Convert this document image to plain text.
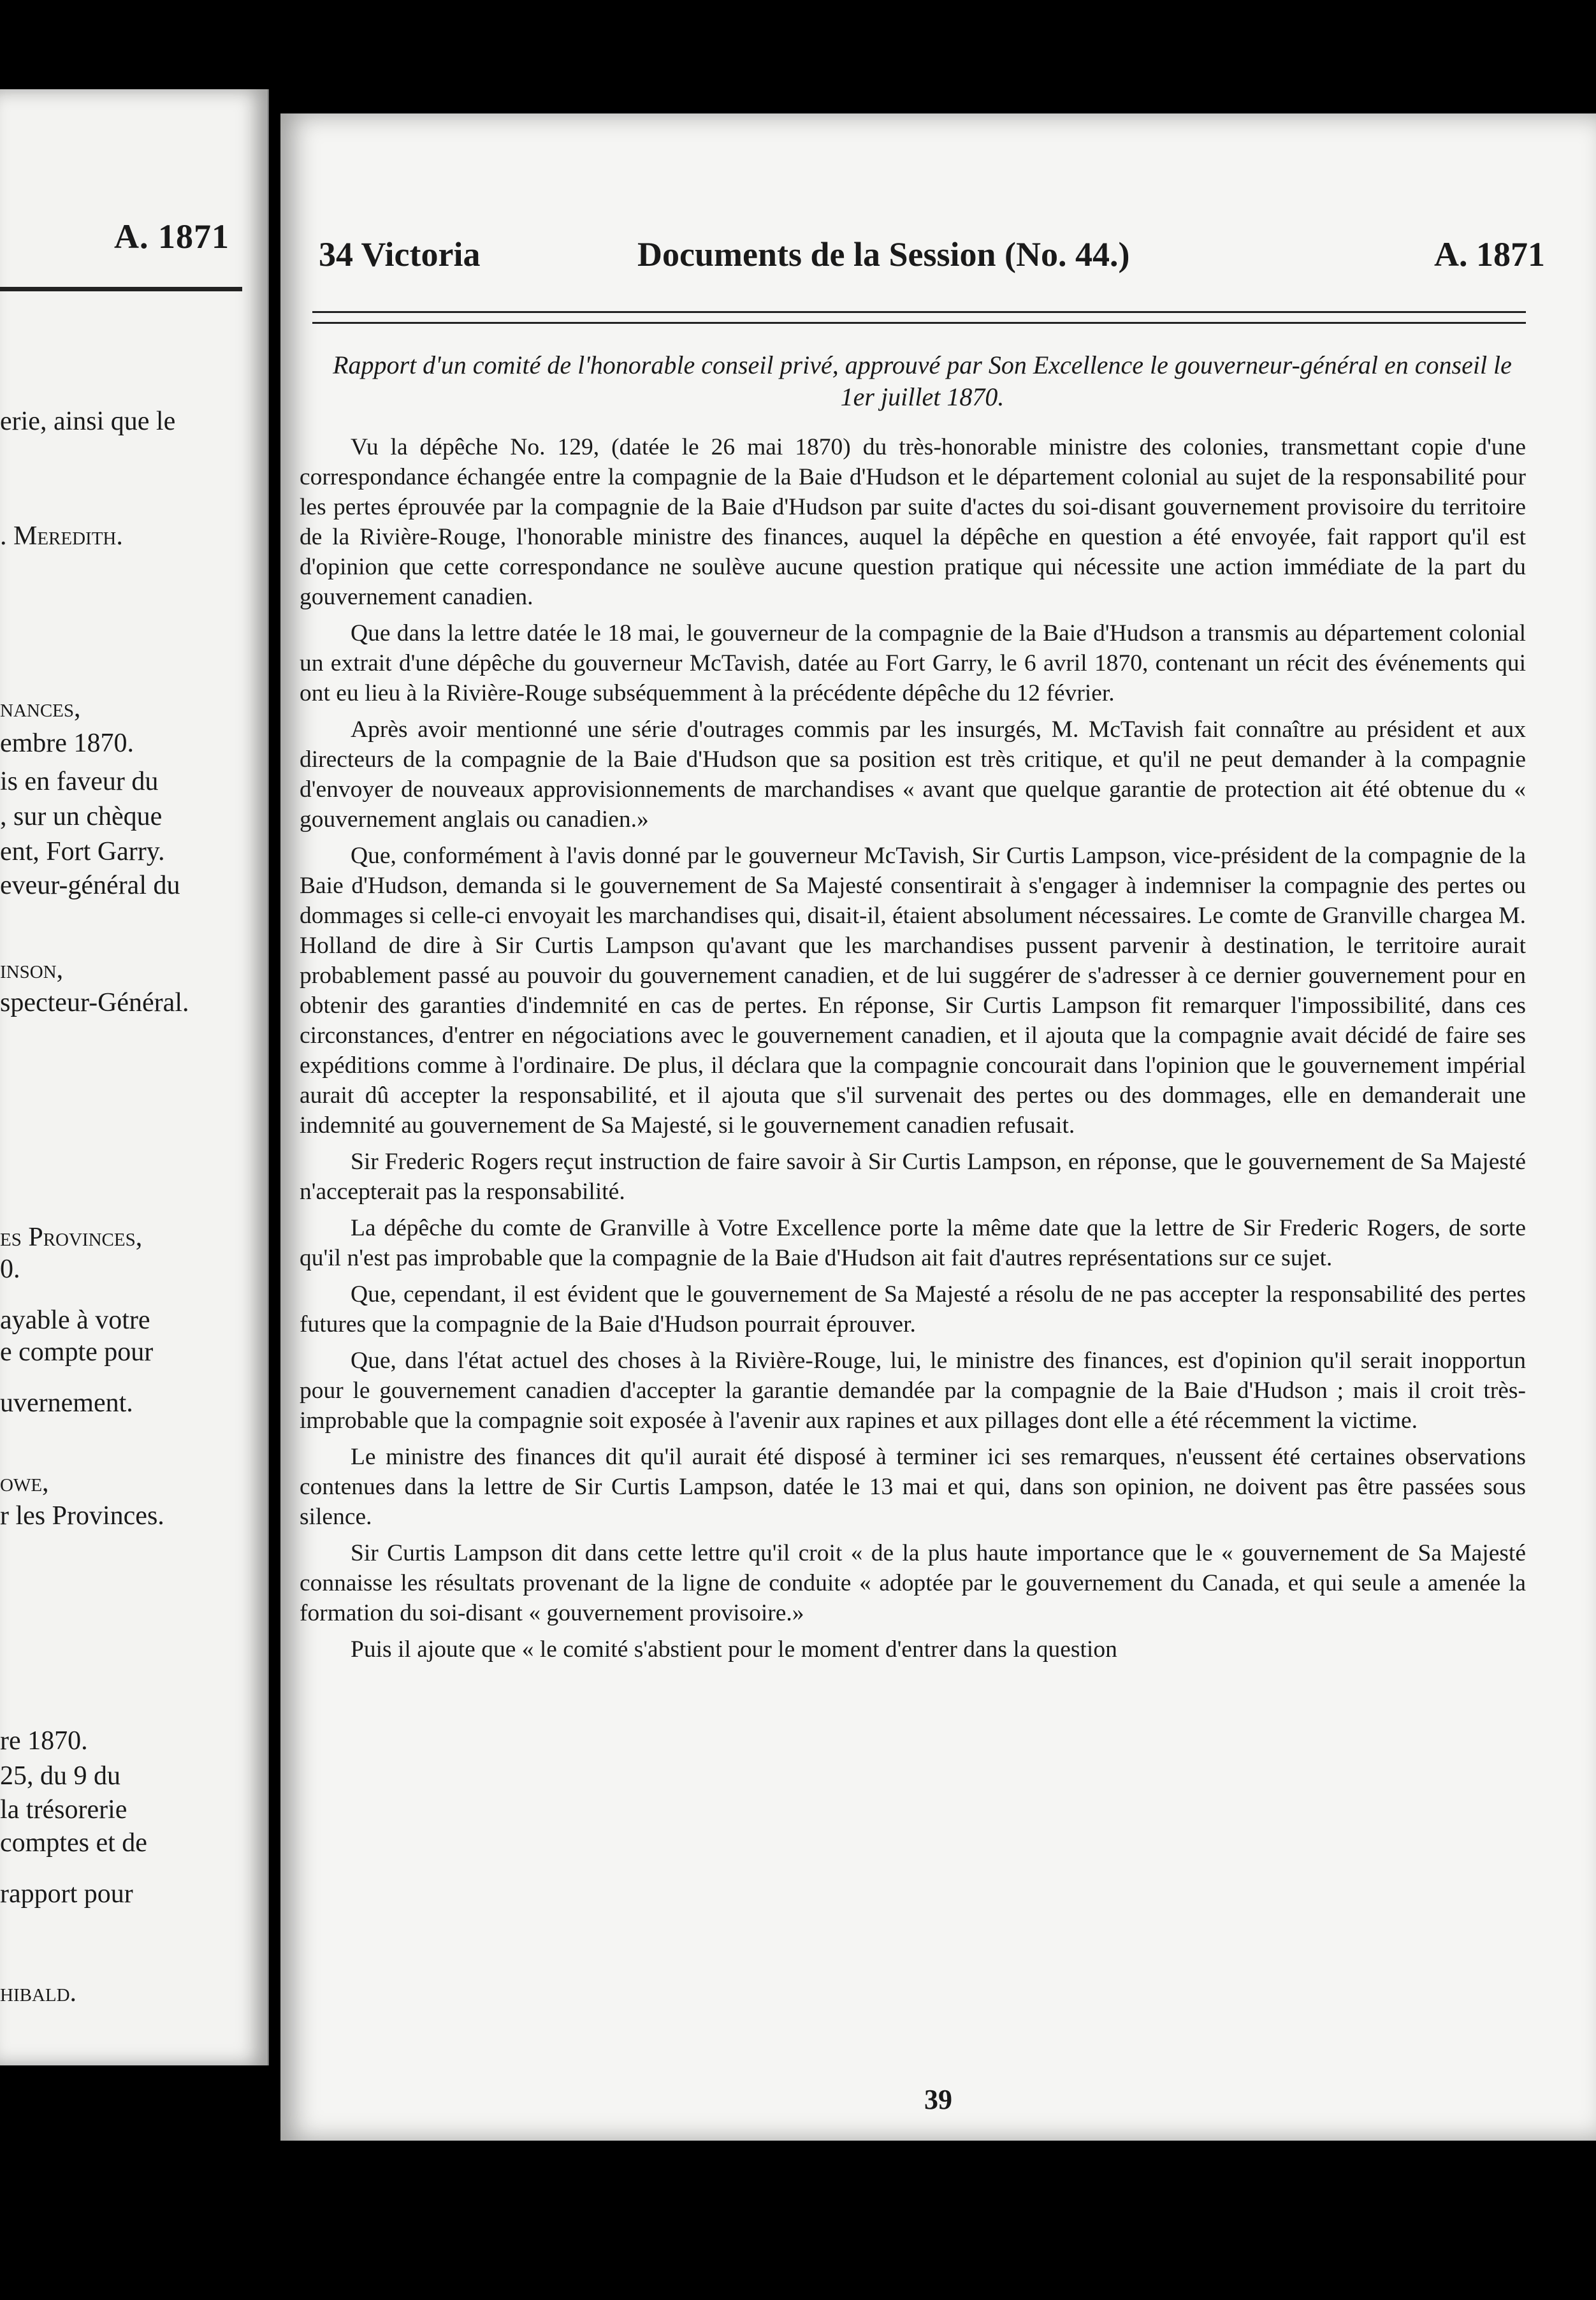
A. 1871
erie, ainsi que le
. Meredith.
nances,
embre 1870.
is en faveur du
, sur un chèque
ent, Fort Garry.
eveur-général du
inson,
specteur-Général.
es Provinces,
0.
ayable à votre
e compte pour
uvernement.
owe,
r les Provinces.
re 1870.
25, du 9 du
la trésorerie
comptes et de
rapport pour
hibald.
34 Victoria	Documents de la Session (No. 44.)	A. 1871
Rapport d'un comité de l'honorable conseil privé, approuvé par Son Excellence le gouverneur-général en conseil le 1er juillet 1870.

Vu la dépêche No. 129, (datée le 26 mai 1870) du très-honorable ministre des colonies, transmettant copie d'une correspondance échangée entre la compagnie de la Baie d'Hudson et le département colonial au sujet de la responsabilité pour les pertes éprouvée par la compagnie de la Baie d'Hudson par suite d'actes du soi-disant gouvernement provisoire du territoire de la Rivière-Rouge, l'honorable ministre des finances, auquel la dépêche en question a été envoyée, fait rapport qu'il est d'opinion que cette correspondance ne soulève aucune question pratique qui nécessite une action immédiate de la part du gouvernement canadien.

Que dans la lettre datée le 18 mai, le gouverneur de la compagnie de la Baie d'Hudson a transmis au département colonial un extrait d'une dépêche du gouverneur McTavish, datée au Fort Garry, le 6 avril 1870, contenant un récit des événements qui ont eu lieu à la Rivière-Rouge subséquemment à la précédente dépêche du 12 février.

Après avoir mentionné une série d'outrages commis par les insurgés, M. McTavish fait connaître au président et aux directeurs de la compagnie de la Baie d'Hudson que sa position est très critique, et qu'il ne peut demander à la compagnie d'envoyer de nouveaux approvisionnements de marchandises « avant que quelque garantie de protection ait été obtenue du « gouvernement anglais ou canadien.»

Que, conformément à l'avis donné par le gouverneur McTavish, Sir Curtis Lampson, vice-président de la compagnie de la Baie d'Hudson, demanda si le gouvernement de Sa Majesté consentirait à s'engager à indemniser la compagnie des pertes ou dommages si celle-ci envoyait les marchandises qui, disait-il, étaient absolument nécessaires. Le comte de Granville chargea M. Holland de dire à Sir Curtis Lampson qu'avant que les marchandises pussent parvenir à destination, le territoire aurait probablement passé au pouvoir du gouvernement canadien, et de lui suggérer de s'adresser à ce dernier gouvernement pour en obtenir des garanties d'indemnité en cas de pertes. En réponse, Sir Curtis Lampson fit remarquer l'impossibilité, dans ces circonstances, d'entrer en négociations avec le gouvernement canadien, et il ajouta que la compagnie avait décidé de faire ses expéditions comme à l'ordinaire. De plus, il déclara que la compagnie concourait dans l'opinion que le gouvernement impérial aurait dû accepter la responsabilité, et il ajouta que s'il survenait des pertes ou des dommages, elle en demanderait une indemnité au gouvernement de Sa Majesté, si le gouvernement canadien refusait.

Sir Frederic Rogers reçut instruction de faire savoir à Sir Curtis Lampson, en réponse, que le gouvernement de Sa Majesté n'accepterait pas la responsabilité.

La dépêche du comte de Granville à Votre Excellence porte la même date que la lettre de Sir Frederic Rogers, de sorte qu'il n'est pas improbable que la compagnie de la Baie d'Hudson ait fait d'autres représentations sur ce sujet.

Que, cependant, il est évident que le gouvernement de Sa Majesté a résolu de ne pas accepter la responsabilité des pertes futures que la compagnie de la Baie d'Hudson pourrait éprouver.

Que, dans l'état actuel des choses à la Rivière-Rouge, lui, le ministre des finances, est d'opinion qu'il serait inopportun pour le gouvernement canadien d'accepter la garantie demandée par la compagnie de la Baie d'Hudson ; mais il croit très-improbable que la compagnie soit exposée à l'avenir aux rapines et aux pillages dont elle a été récemment la victime.

Le ministre des finances dit qu'il aurait été disposé à terminer ici ses remarques, n'eussent été certaines observations contenues dans la lettre de Sir Curtis Lampson, datée le 13 mai et qui, dans son opinion, ne doivent pas être passées sous silence.

Sir Curtis Lampson dit dans cette lettre qu'il croit « de la plus haute importance que le « gouvernement de Sa Majesté connaisse les résultats provenant de la ligne de conduite « adoptée par le gouvernement du Canada, et qui seule a amenée la formation du soi-disant « gouvernement provisoire.»

Puis il ajoute que « le comité s'abstient pour le moment d'entrer dans la question

39
